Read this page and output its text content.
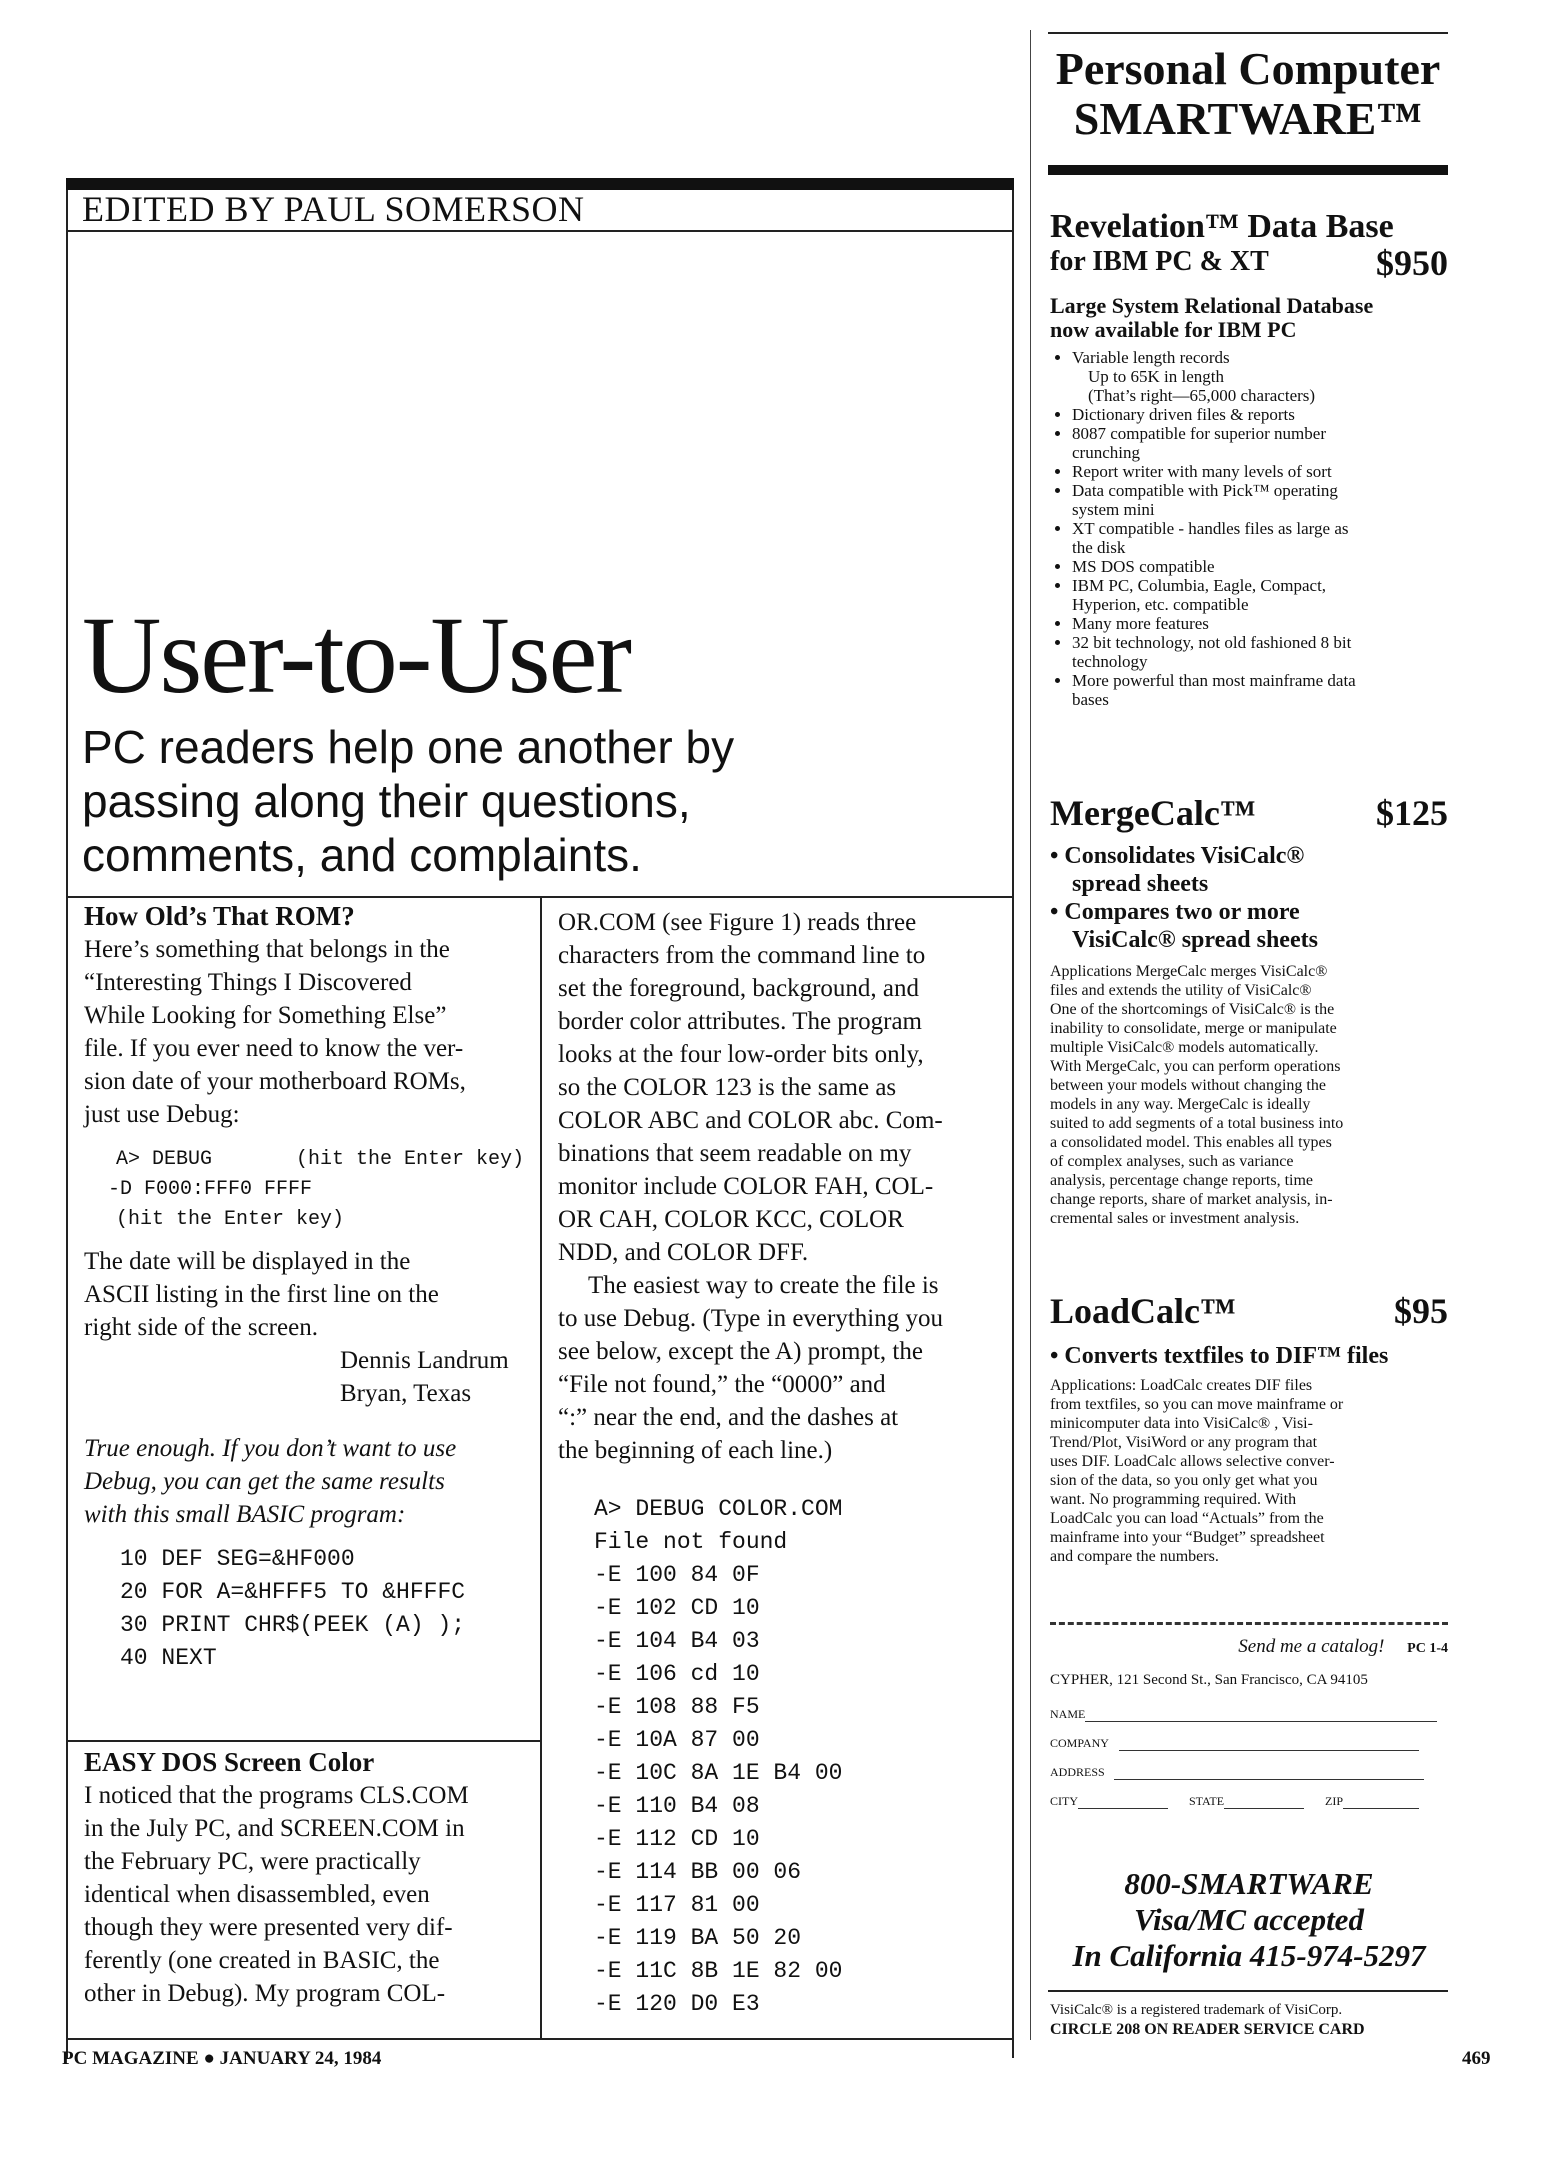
EDITED BY PAUL SOMERSON
User-to-User
PC readers help one another by
passing along their questions,
comments, and complaints.
How Old’s That ROM?
Here’s something that belongs in the
“Interesting Things I Discovered
While Looking for Something Else”
file. If you ever need to know the ver-
sion date of your motherboard ROMs,
just use Debug:
A> DEBUG       (hit the Enter key)
-D F000:FFF0 FFFF
(hit the Enter key)
The date will be displayed in the
ASCII listing in the first line on the
right side of the screen.
Dennis Landrum
Bryan, Texas
True enough. If you don’t want to use
Debug, you can get the same results
with this small BASIC program:
10 DEF SEG=&HF000
20 FOR A=&HFFF5 TO &HFFFC
30 PRINT CHR$(PEEK (A) );
40 NEXT
EASY DOS Screen Color
I noticed that the programs CLS.COM
in the July PC, and SCREEN.COM in
the February PC, were practically
identical when disassembled, even
though they were presented very dif-
ferently (one created in BASIC, the
other in Debug). My program COL-
OR.COM (see Figure 1) reads three
characters from the command line to
set the foreground, background, and
border color attributes. The program
looks at the four low-order bits only,
so the COLOR 123 is the same as
COLOR ABC and COLOR abc. Com-
binations that seem readable on my
monitor include COLOR FAH, COL-
OR CAH, COLOR KCC, COLOR
NDD, and COLOR DFF.
The easiest way to create the file is
to use Debug. (Type in everything you
see below, except the A) prompt, the
“File not found,” the “0000” and
“:” near the end, and the dashes at
the beginning of each line.)
A> DEBUG COLOR.COM
File not found
-E 100 84 0F
-E 102 CD 10
-E 104 B4 03
-E 106 cd 10
-E 108 88 F5
-E 10A 87 00
-E 10C 8A 1E B4 00
-E 110 B4 08
-E 112 CD 10
-E 114 BB 00 06
-E 117 81 00
-E 119 BA 50 20
-E 11C 8B 1E 82 00
-E 120 D0 E3
PC MAGAZINE ● JANUARY 24, 1984	469
Personal Computer
SMARTWARE™
Revelation™ Data Base
for IBM PC & XT	$950
Large System Relational Database
now available for IBM PC
• Variable length records
Up to 65K in length
(That’s right—65,000 characters)
• Dictionary driven files & reports
• 8087 compatible for superior number
crunching
• Report writer with many levels of sort
• Data compatible with Pick™ operating
system mini
• XT compatible - handles files as large as
the disk
• MS DOS compatible
• IBM PC, Columbia, Eagle, Compact,
Hyperion, etc. compatible
• Many more features
• 32 bit technology, not old fashioned 8 bit
technology
• More powerful than most mainframe data
bases
MergeCalc™	$125
• Consolidates VisiCalc®
spread sheets
• Compares two or more
VisiCalc® spread sheets
Applications MergeCalc merges VisiCalc®
files and extends the utility of VisiCalc®
One of the shortcomings of VisiCalc® is the
inability to consolidate, merge or manipulate
multiple VisiCalc® models automatically.
With MergeCalc, you can perform operations
between your models without changing the
models in any way. MergeCalc is ideally
suited to add segments of a total business into
a consolidated model. This enables all types
of complex analyses, such as variance
analysis, percentage change reports, time
change reports, share of market analysis, in-
cremental sales or investment analysis.
LoadCalc™	$95
• Converts textfiles to DIF™ files
Applications: LoadCalc creates DIF files
from textfiles, so you can move mainframe or
minicomputer data into VisiCalc® , Visi-
Trend/Plot, VisiWord or any program that
uses DIF. LoadCalc allows selective conver-
sion of the data, so you only get what you
want. No programming required. With
LoadCalc you can load “Actuals” from the
mainframe into your “Budget” spreadsheet
and compare the numbers.
Send me a catalog! PC 1-4
CYPHER, 121 Second St., San Francisco, CA 94105
NAME
COMPANY
ADDRESS
CITY	STATE	ZIP
800-SMARTWARE
Visa/MC accepted
In California 415-974-5297
VisiCalc® is a registered trademark of VisiCorp.
CIRCLE 208 ON READER SERVICE CARD
